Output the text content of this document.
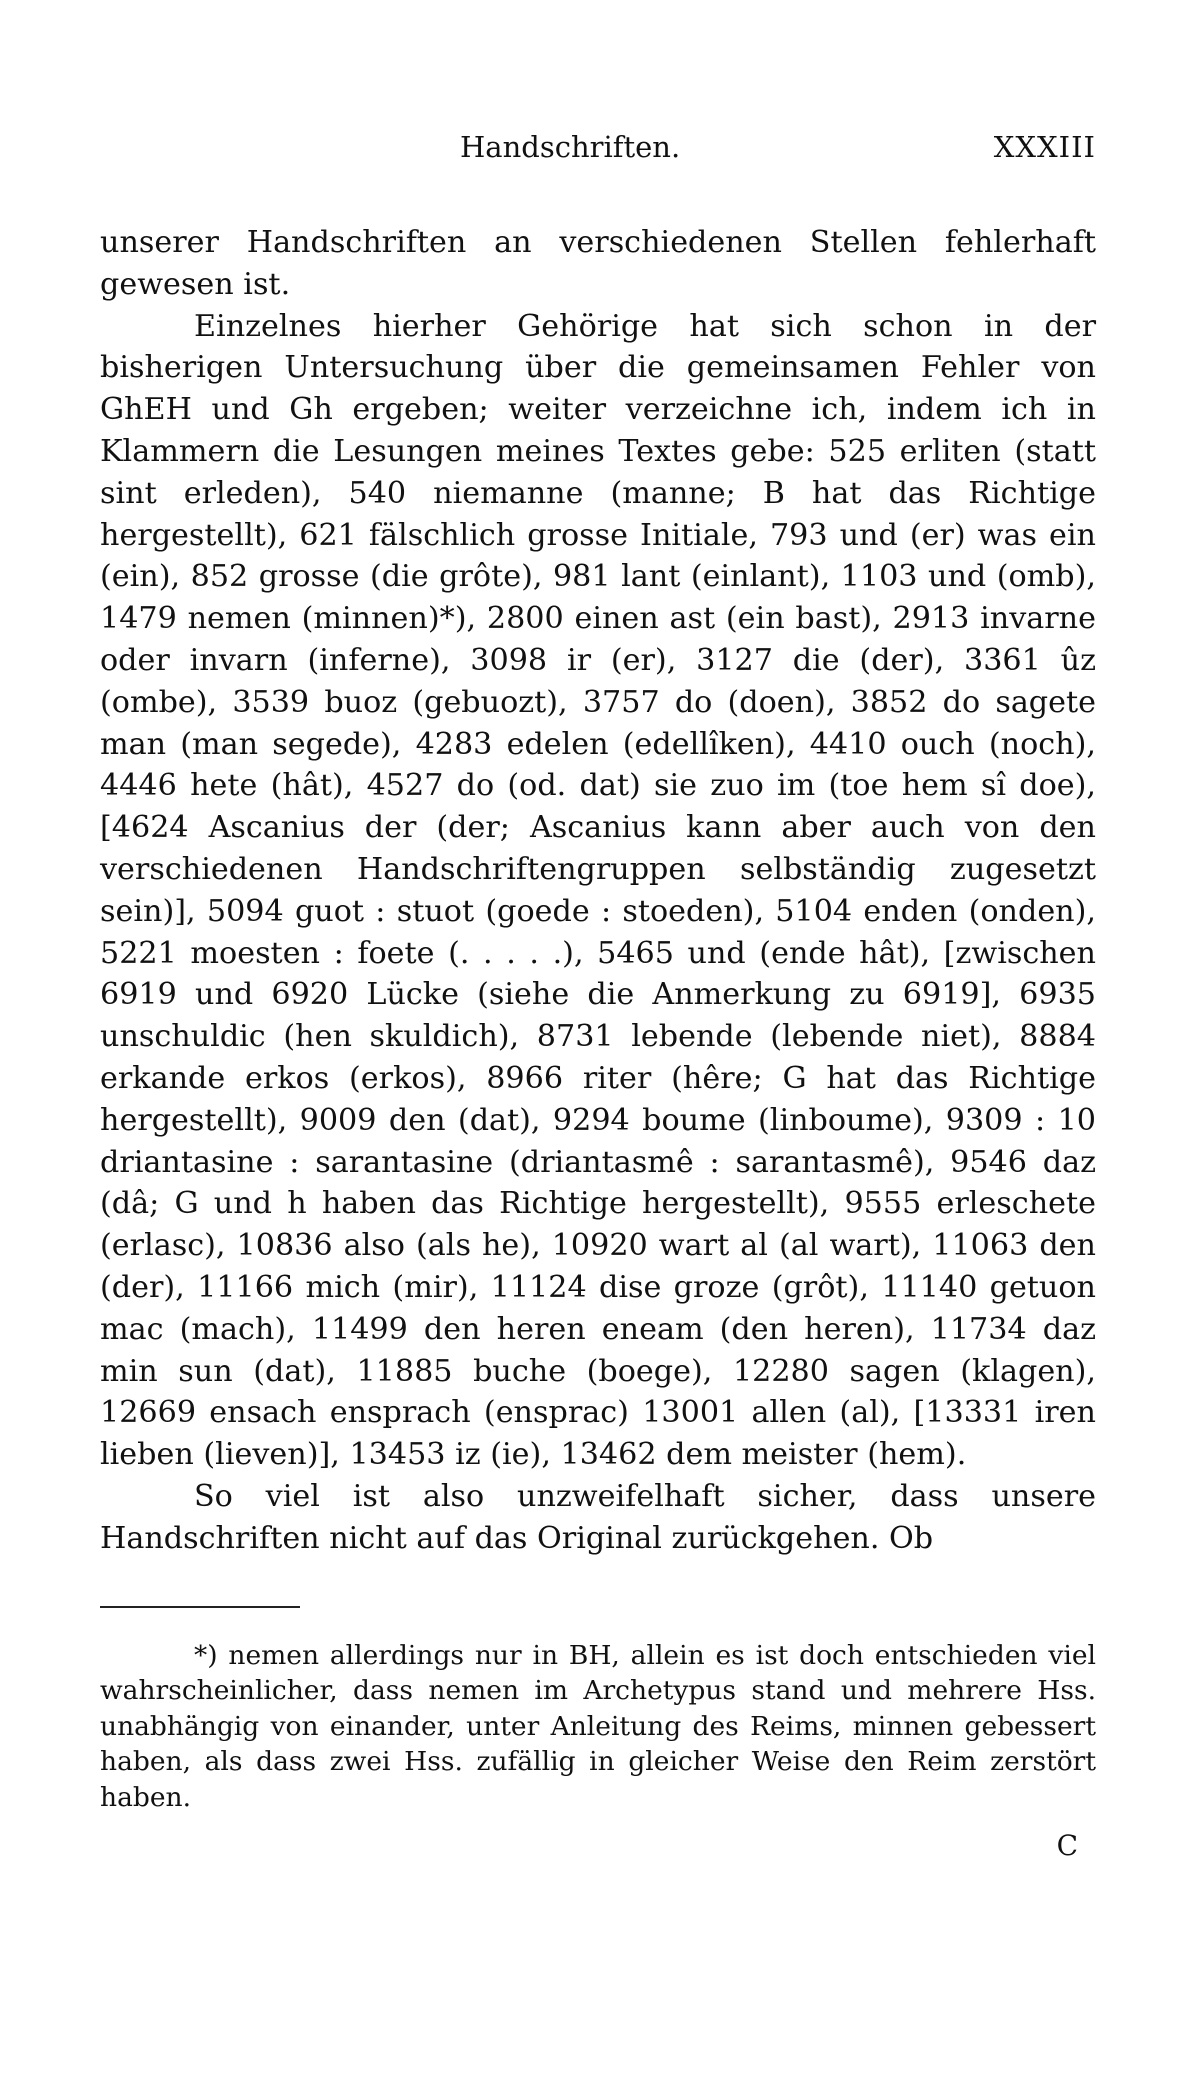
Handschriften.	XXXIII

unserer Handschriften an verschiedenen Stellen fehlerhaft gewesen ist.

Einzelnes hierher Gehörige hat sich schon in der bisherigen Untersuchung über die gemeinsamen Fehler von GhEH und Gh ergeben; weiter verzeichne ich, indem ich in Klammern die Lesungen meines Textes gebe: 525 erliten (statt sint erleden), 540 niemanne (manne; B hat das Richtige hergestellt), 621 fälschlich grosse Initiale, 793 und (er) was ein (ein), 852 grosse (die grôte), 981 lant (einlant), 1103 und (omb), 1479 nemen (minnen)*), 2800 einen ast (ein bast), 2913 invarne oder invarn (inferne), 3098 ir (er), 3127 die (der), 3361 ûz (ombe), 3539 buoz (gebuozt), 3757 do (doen), 3852 do sagete man (man segede), 4283 edelen (edellîken), 4410 ouch (noch), 4446 hete (hât), 4527 do (od. dat) sie zuo im (toe hem sî doe), [4624 Ascanius der (der; Ascanius kann aber auch von den verschiedenen Handschriftengruppen selbständig zugesetzt sein)], 5094 guot : stuot (goede : stoeden), 5104 enden (onden), 5221 moesten : foete (. . . . .), 5465 und (ende hât), [zwischen 6919 und 6920 Lücke (siehe die Anmerkung zu 6919], 6935 unschuldic (hen skuldich), 8731 lebende (lebende niet), 8884 erkande erkos (erkos), 8966 riter (hêre; G hat das Richtige hergestellt), 9009 den (dat), 9294 boume (linboume), 9309 : 10 driantasine : sarantasine (driantasmê : sarantasmê), 9546 daz (dâ; G und h haben das Richtige hergestellt), 9555 erleschete (erlasc), 10836 also (als he), 10920 wart al (al wart), 11063 den (der), 11166 mich (mir), 11124 dise groze (grôt), 11140 getuon mac (mach), 11499 den heren eneam (den heren), 11734 daz min sun (dat), 11885 buche (boege), 12280 sagen (klagen), 12669 ensach ensprach (ensprac) 13001 allen (al), [13331 iren lieben (lieven)], 13453 iz (ie), 13462 dem meister (hem).

So viel ist also unzweifelhaft sicher, dass unsere Handschriften nicht auf das Original zurückgehen. Ob

*) nemen allerdings nur in BH, allein es ist doch entschieden viel wahrscheinlicher, dass nemen im Archetypus stand und mehrere Hss. unabhängig von einander, unter Anleitung des Reims, minnen gebessert haben, als dass zwei Hss. zufällig in gleicher Weise den Reim zerstört haben.

C
